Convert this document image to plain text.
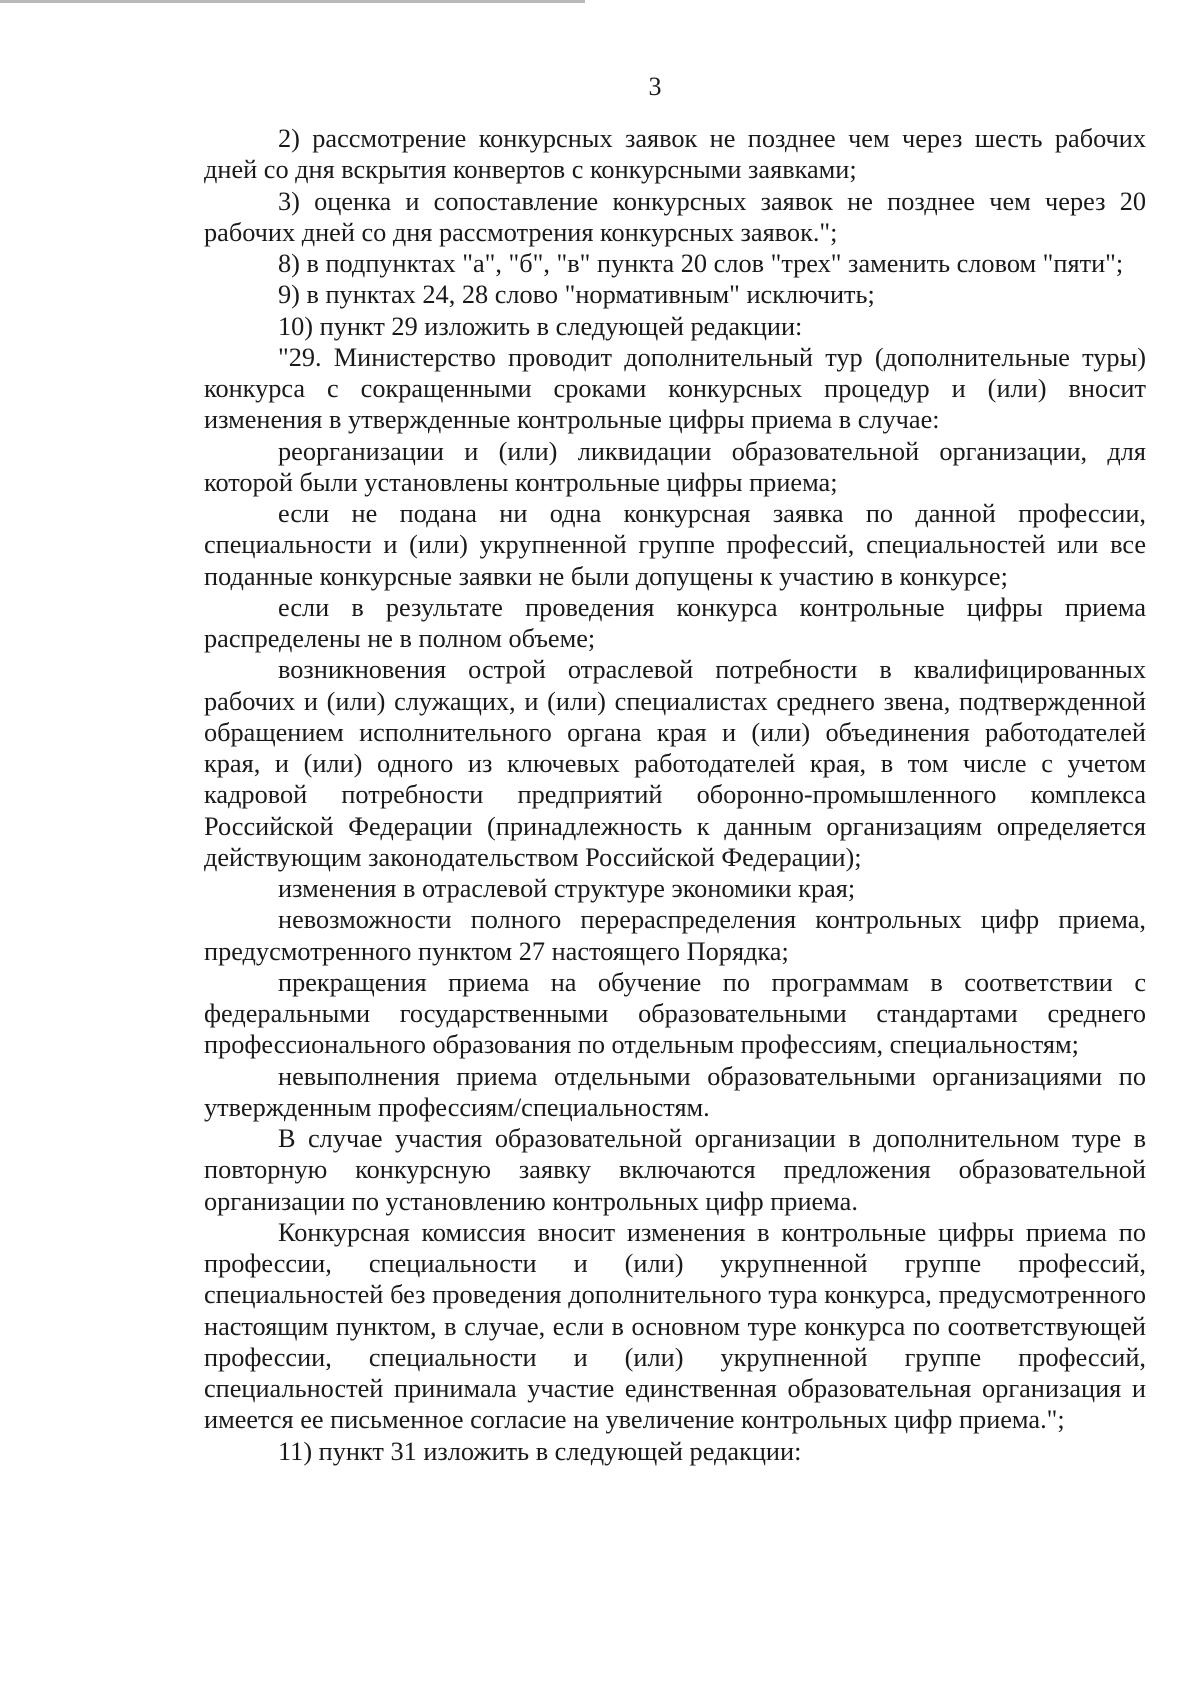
3

2) рассмотрение конкурсных заявок не позднее чем через шесть рабочих дней со дня вскрытия конвертов с конкурсными заявками;

3) оценка и сопоставление конкурсных заявок не позднее чем через 20 рабочих дней со дня рассмотрения конкурсных заявок.";

8) в подпунктах "а", "б", "в" пункта 20 слов "трех" заменить словом "пяти";

9) в пунктах 24, 28 слово "нормативным" исключить;

10) пункт 29 изложить в следующей редакции:

"29. Министерство проводит дополнительный тур (дополнительные туры) конкурса с сокращенными сроками конкурсных процедур и (или) вносит изменения в утвержденные контрольные цифры приема в случае:

реорганизации и (или) ликвидации образовательной организации, для которой были установлены контрольные цифры приема;

если не подана ни одна конкурсная заявка по данной профессии, специальности и (или) укрупненной группе профессий, специальностей или все поданные конкурсные заявки не были допущены к участию в конкурсе;

если в результате проведения конкурса контрольные цифры приема распределены не в полном объеме;

возникновения острой отраслевой потребности в квалифицированных рабочих и (или) служащих, и (или) специалистах среднего звена, подтвержденной обращением исполнительного органа края и (или) объединения работодателей края, и (или) одного из ключевых работодателей края, в том числе с учетом кадровой потребности предприятий оборонно-промышленного комплекса Российской Федерации (принадлежность к данным организациям определяется действующим законодательством Российской Федерации);

изменения в отраслевой структуре экономики края;

невозможности полного перераспределения контрольных цифр приема, предусмотренного пунктом 27 настоящего Порядка;

прекращения приема на обучение по программам в соответствии с федеральными государственными образовательными стандартами среднего профессионального образования по отдельным профессиям, специальностям;

невыполнения приема отдельными образовательными организациями по утвержденным профессиям/специальностям.

В случае участия образовательной организации в дополнительном туре в повторную конкурсную заявку включаются предложения образовательной организации по установлению контрольных цифр приема.

Конкурсная комиссия вносит изменения в контрольные цифры приема по профессии, специальности и (или) укрупненной группе профессий, специальностей без проведения дополнительного тура конкурса, предусмотренного настоящим пунктом, в случае, если в основном туре конкурса по соответствующей профессии, специальности и (или) укрупненной группе профессий, специальностей принимала участие единственная образовательная организация и имеется ее письменное согласие на увеличение контрольных цифр приема.";

11) пункт 31 изложить в следующей редакции:
